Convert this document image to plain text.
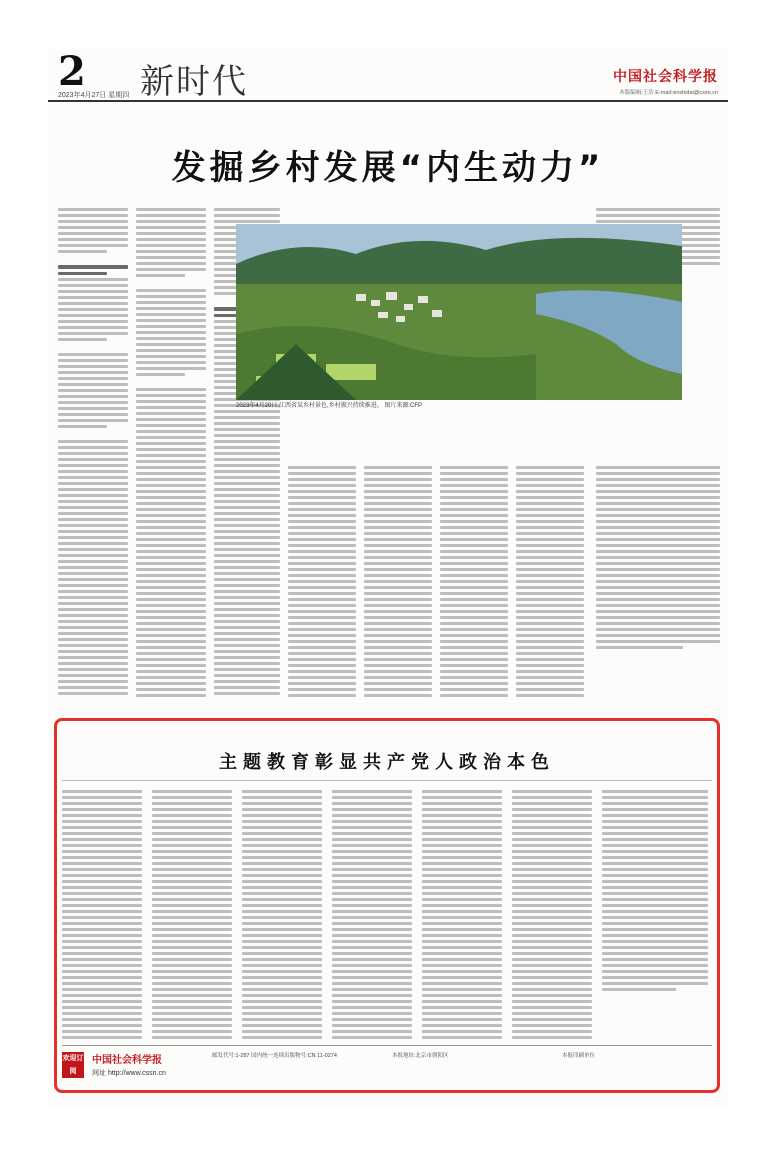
2
2023年4月27日 星期四 新时代	中国社会科学报
本版编辑:王浩 E-mail:xinshidai@cssn.cn
发掘乡村发展“内生动力”
2023年4月20日,江西省某乡村景色,乡村振兴持续推进。 图片来源:CFP
主题教育彰显共产党人政治本色
欢迎订阅
中国社会科学报
网址 http://www.cssn.cn
邮发代号:1-287 国内统一连续出版物号:CN 11-0274	本报地址:北京市朝阳区	本报印刷单位
